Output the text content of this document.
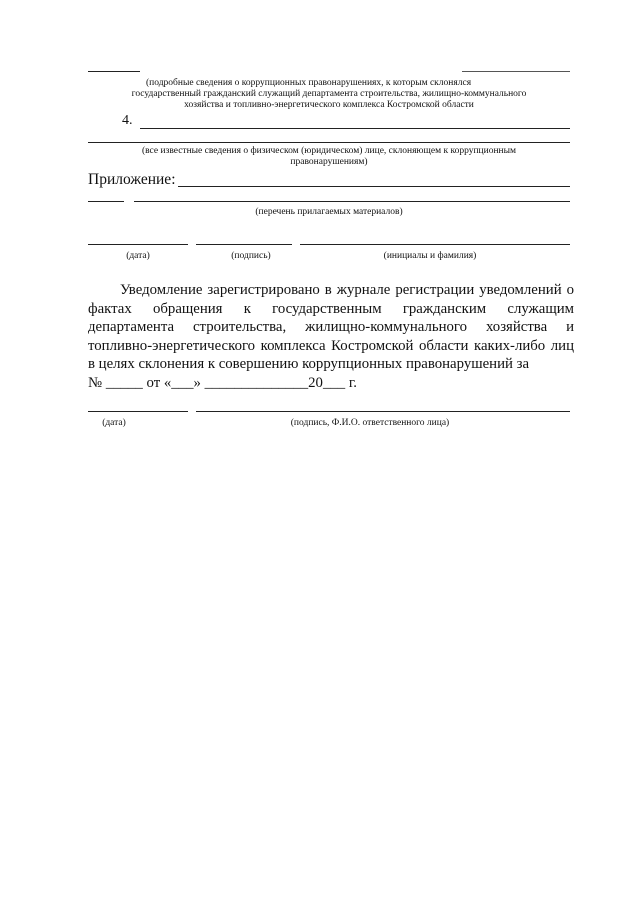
(подробные сведения о коррупционных правонарушениях, к которым склонялся
государственный гражданский служащий департамента строительства, жилищно-коммунального
хозяйства и топливно-энергетического комплекса Костромской области
4.
(все известные сведения о физическом (юридическом) лице, склоняющем к коррупционным
правонарушениям)
Приложение:
(перечень прилагаемых материалов)
(дата)	(подпись)	(инициалы и фамилия)

Уведомление зарегистрировано в журнале регистрации уведомлений о фактах обращения к государственным гражданским служащим департамента строительства, жилищно-коммунального хозяйства и топливно-энергетического комплекса Костромской области каких-либо лиц в целях склонения к совершению коррупционных правонарушений за

№ _____ от «___» ______________20___ г.

(дата)	(подпись, Ф.И.О. ответственного лица)
